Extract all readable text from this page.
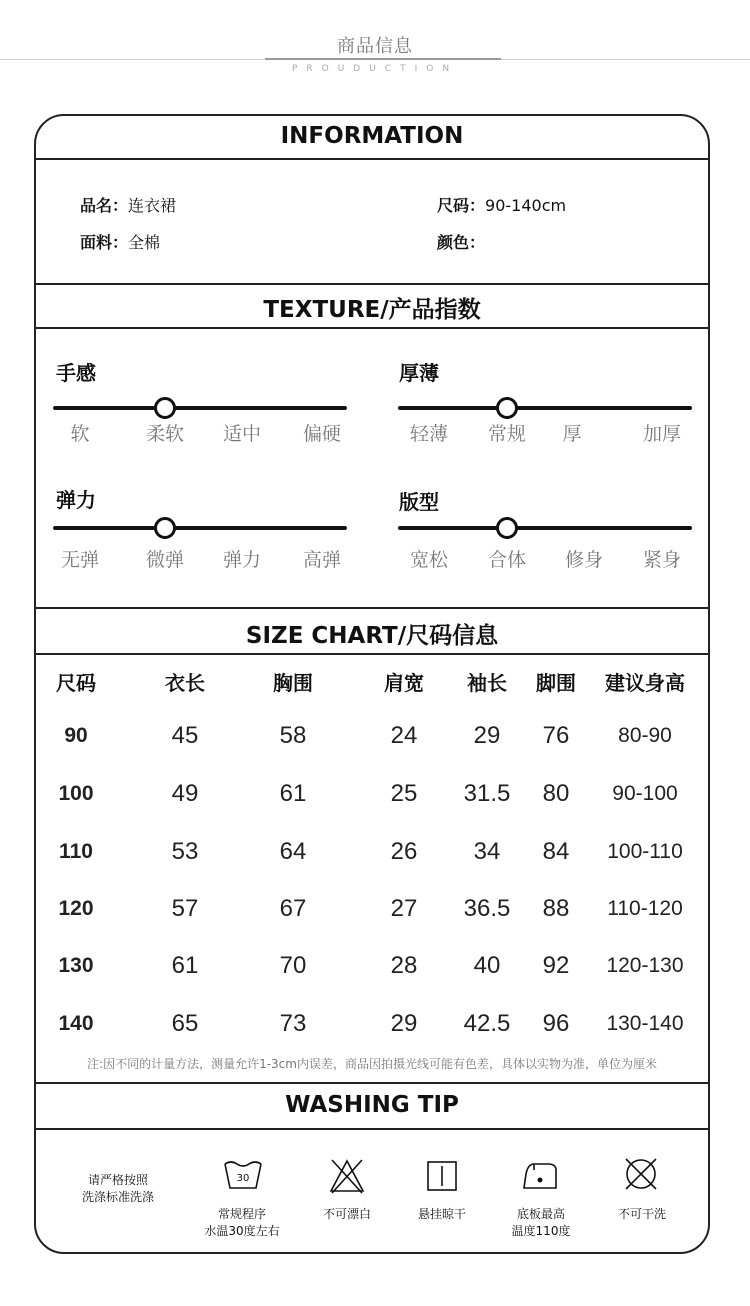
商品信息
PROUDUCTION
INFORMATION
品名：连衣裙	尺码：90-140cm
面料：全棉	颜色：
TEXTURE/产品指数
手感
软	柔软	适中	偏硬
厚薄
轻薄	常规	厚	加厚
弹力
无弹	微弹	弹力	高弹
版型
宽松	合体	修身	紧身
SIZE CHART/尺码信息
尺码	衣长	胸围	肩宽	袖长	脚围	建议身高
90	45	58	24	29	76	80-90
100	49	61	25	31.5	80	90-100
110	53	64	26	34	84	100-110
120	57	67	27	36.5	88	110-120
130	61	70	28	40	92	120-130
140	65	73	29	42.5	96	130-140
注:因不同的计量方法，测量允许1-3cm内误差，商品因拍摄光线可能有色差，具体以实物为准，单位为厘米
WASHING TIP
请严格按照
洗涤标准洗涤
30
常规程序
水温30度左右
不可漂白	悬挂晾干	底板最高
温度110度
不可干洗
